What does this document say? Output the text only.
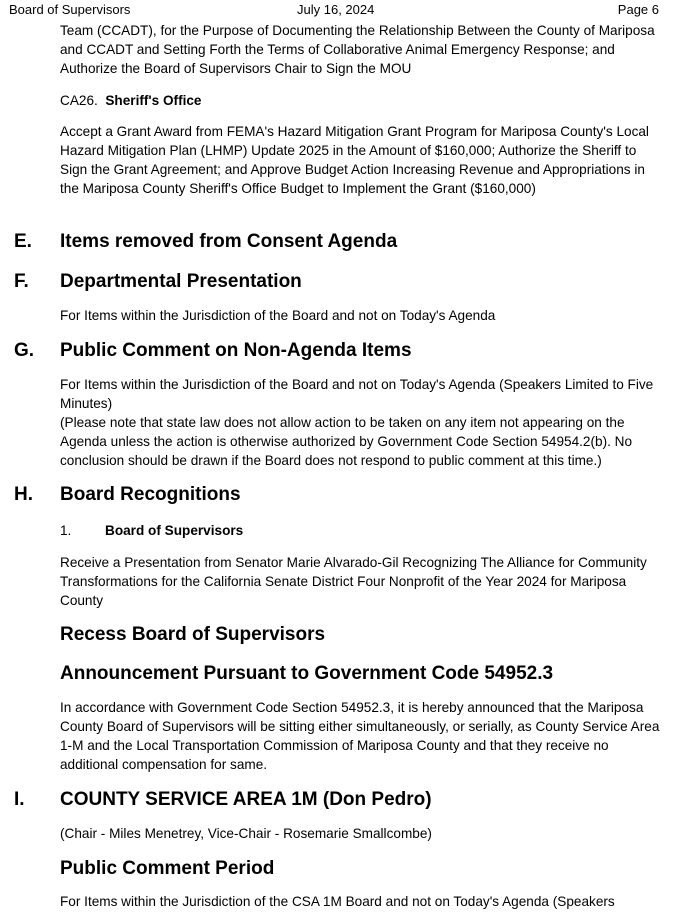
Board of Supervisors	July 16, 2024	Page 6
Team (CCADT), for the Purpose of Documenting the Relationship Between the County of Mariposa and CCADT and Setting Forth the Terms of Collaborative Animal Emergency Response; and Authorize the Board of Supervisors Chair to Sign the MOU
CA26. Sheriff's Office
Accept a Grant Award from FEMA's Hazard Mitigation Grant Program for Mariposa County's Local Hazard Mitigation Plan (LHMP) Update 2025 in the Amount of $160,000; Authorize the Sheriff to Sign the Grant Agreement; and Approve Budget Action Increasing Revenue and Appropriations in the Mariposa County Sheriff's Office Budget to Implement the Grant ($160,000)
E. Items removed from Consent Agenda
F. Departmental Presentation
For Items within the Jurisdiction of the Board and not on Today's Agenda
G. Public Comment on Non-Agenda Items
For Items within the Jurisdiction of the Board and not on Today's Agenda (Speakers Limited to Five Minutes)
(Please note that state law does not allow action to be taken on any item not appearing on the Agenda unless the action is otherwise authorized by Government Code Section 54954.2(b). No conclusion should be drawn if the Board does not respond to public comment at this time.)
H. Board Recognitions
1. Board of Supervisors
Receive a Presentation from Senator Marie Alvarado-Gil Recognizing The Alliance for Community Transformations for the California Senate District Four Nonprofit of the Year 2024 for Mariposa County
Recess Board of Supervisors
Announcement Pursuant to Government Code 54952.3
In accordance with Government Code Section 54952.3, it is hereby announced that the Mariposa County Board of Supervisors will be sitting either simultaneously, or serially, as County Service Area 1-M and the Local Transportation Commission of Mariposa County and that they receive no additional compensation for same.
I. COUNTY SERVICE AREA 1M (Don Pedro)
(Chair - Miles Menetrey, Vice-Chair - Rosemarie Smallcombe)
Public Comment Period
For Items within the Jurisdiction of the CSA 1M Board and not on Today's Agenda (Speakers
